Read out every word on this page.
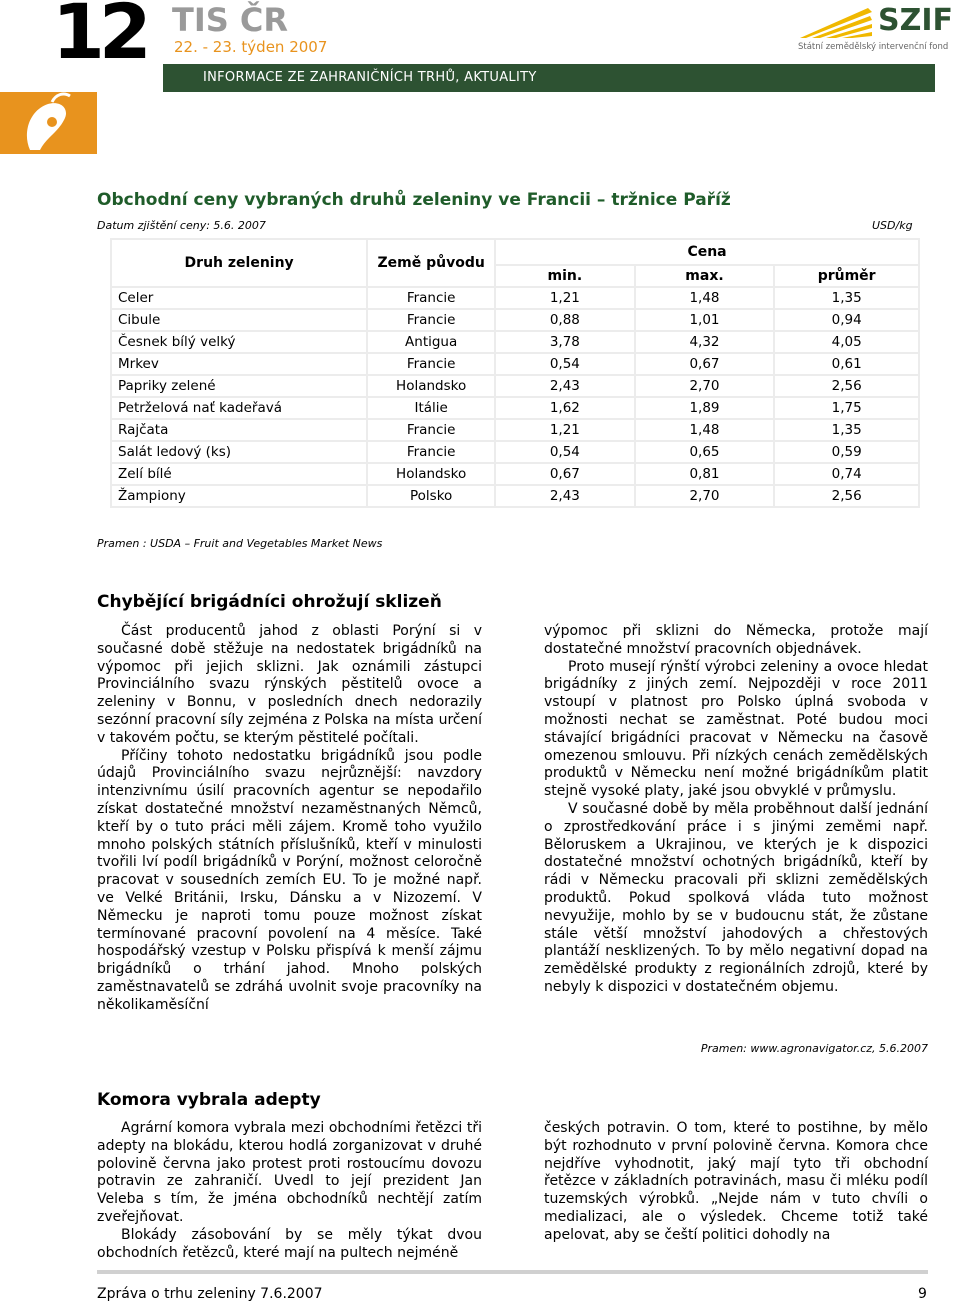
12 TIS ČR
22. - 23. týden 2007
INFORMACE ZE ZAHRANIČNÍCH TRHŮ, AKTUALITY
SZIF
Státní zemědělský intervenční fond
Obchodní ceny vybraných druhů zeleniny ve Francii – tržnice Paříž
Datum zjištění ceny: 5.6. 2007	USD/kg
Druh zeleniny	Země původu	Cena		
		min.	max.	průměr
Celer	Francie	1,21	1,48	1,35
Cibule	Francie	0,88	1,01	0,94
Česnek bílý velký	Antigua	3,78	4,32	4,05
Mrkev	Francie	0,54	0,67	0,61
Papriky zelené	Holandsko	2,43	2,70	2,56
Petrželová nať kadeřavá	Itálie	1,62	1,89	1,75
Rajčata	Francie	1,21	1,48	1,35
Salát ledový (ks)	Francie	0,54	0,65	0,59
Zelí bílé	Holandsko	0,67	0,81	0,74
Žampiony	Polsko	2,43	2,70	2,56
Pramen : USDA – Fruit and Vegetables Market News
Chybějící brigádníci ohrožují sklizeň

Část producentů jahod z oblasti Porýní si v současné době stěžuje na nedostatek brigádníků na výpomoc při jejich sklizni. Jak oznámili zástupci Provinciálního svazu rýnských pěstitelů ovoce a zeleniny v Bonnu, v posledních dnech nedorazily sezónní pracovní síly zejména z Polska na místa určení v takovém počtu, se kterým pěstitelé počítali.

Příčiny tohoto nedostatku brigádníků jsou podle údajů Provinciálního svazu nejrůznější: navzdory intenzivnímu úsilí pracovních agentur se nepodařilo získat dostatečné množství nezaměstnaných Němců, kteří by o tuto práci měli zájem. Kromě toho využilo mnoho polských státních příslušníků, kteří v minulosti tvořili lví podíl brigádníků v Porýní, možnost celoročně pracovat v sousedních zemích EU. To je možné např. ve Velké Británii, Irsku, Dánsku a v Nizozemí. V Německu je naproti tomu pouze možnost získat termínované pracovní povolení na 4 měsíce. Také hospodářský vzestup v Polsku přispívá k menší zájmu brigádníků o trhání jahod. Mnoho polských zaměstnavatelů se zdráhá uvolnit svoje pracovníky na několikaměsíční

výpomoc při sklizni do Německa, protože mají dostatečné množství pracovních objednávek.

Proto musejí rýnští výrobci zeleniny a ovoce hledat brigádníky z jiných zemí. Nejpozději v roce 2011 vstoupí v platnost pro Polsko úplná svoboda v možnosti nechat se zaměstnat. Poté budou moci stávající brigádníci pracovat v Německu na časově omezenou smlouvu. Při nízkých cenách zemědělských produktů v Německu není možné brigádníkům platit stejně vysoké platy, jaké jsou obvyklé v průmyslu.

V současné době by měla proběhnout další jednání o zprostředkování práce i s jinými zeměmi např. Běloruskem a Ukrajinou, ve kterých je k dispozici dostatečné množství ochotných brigádníků, kteří by rádi v Německu pracovali při sklizni zemědělských produktů. Pokud spolková vláda tuto možnost nevyužije, mohlo by se v budoucnu stát, že zůstane stále větší množství jahodových a chřestových plantáží nesklizených. To by mělo negativní dopad na zemědělské produkty z regionálních zdrojů, které by nebyly k dispozici v dostatečném objemu.

Pramen: www.agronavigator.cz, 5.6.2007
Komora vybrala adepty

Agrární komora vybrala mezi obchodními řetězci tři adepty na blokádu, kterou hodlá zorganizovat v druhé polovině června jako protest proti rostoucímu dovozu potravin ze zahraničí. Uvedl to její prezident Jan Veleba s tím, že jména obchodníků nechtějí zatím zveřejňovat.

Blokády zásobování by se měly týkat dvou obchodních řetězců, které mají na pultech nejméně

českých potravin. O tom, které to postihne, by mělo být rozhodnuto v první polovině června. Komora chce nejdříve vyhodnotit, jaký mají tyto tři obchodní řetězce v základních potravinách, masu či mléku podíl tuzemských výrobků. „Nejde nám v tuto chvíli o medializaci, ale o výsledek. Chceme totiž také apelovat, aby se čeští politici dohodly na

Zpráva o trhu zeleniny 7.6.2007	9
